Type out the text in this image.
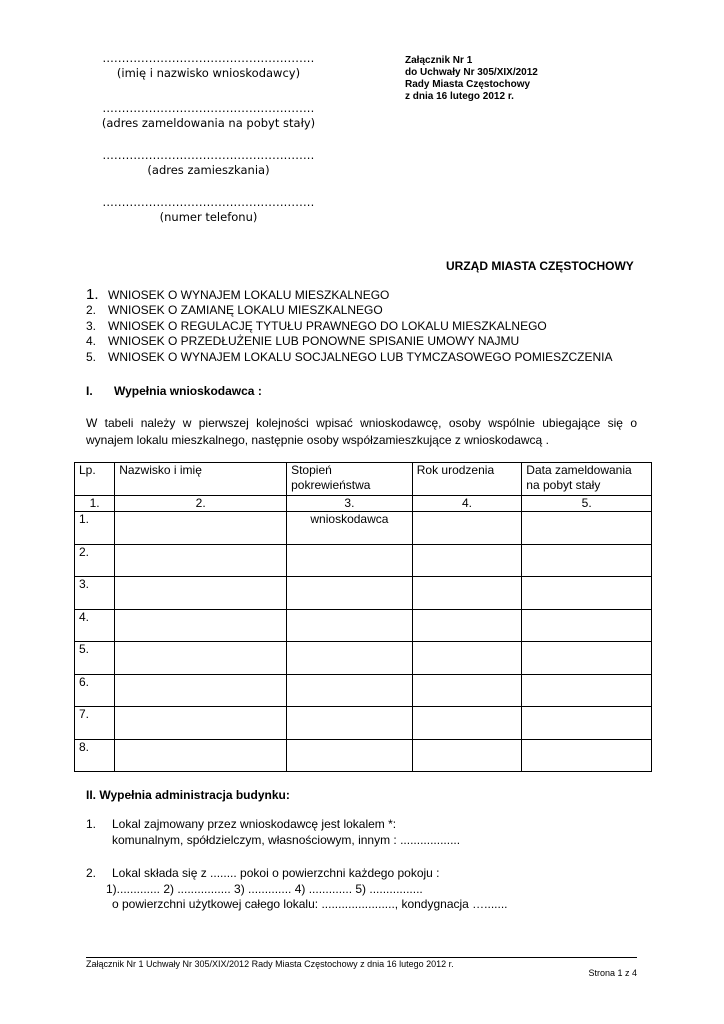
.......................................................
(imię i nazwisko wnioskodawcy)
.......................................................
(adres zameldowania na pobyt stały)
.......................................................
(adres zamieszkania)
.......................................................
(numer telefonu)
Załącznik Nr 1
do Uchwały Nr 305/XIX/2012
Rady Miasta Częstochowy
z dnia 16 lutego 2012 r.
URZĄD MIASTA CZĘSTOCHOWY
1. WNIOSEK O WYNAJEM LOKALU MIESZKALNEGO
2. WNIOSEK O ZAMIANĘ LOKALU MIESZKALNEGO
3. WNIOSEK O REGULACJĘ TYTUŁU PRAWNEGO DO LOKALU MIESZKALNEGO
4. WNIOSEK O PRZEDŁUŻENIE LUB PONOWNE SPISANIE UMOWY NAJMU
5. WNIOSEK O WYNAJEM LOKALU SOCJALNEGO LUB TYMCZASOWEGO POMIESZCZENIA
I. Wypełnia wnioskodawca :
W tabeli należy w pierwszej kolejności wpisać wnioskodawcę, osoby wspólnie ubiegające się o wynajem lokalu mieszkalnego, następnie osoby współzamieszkujące z wnioskodawcą .
Lp.	Nazwisko i imię	Stopień pokrewieństwa	Rok urodzenia	Data zameldowania na pobyt stały
1.	2.	3.	4.	5.
1.		wnioskodawca		
2.				
3.				
4.				
5.				
6.				
7.				
8.				
II. Wypełnia administracja budynku:
1. Lokal zajmowany przez wnioskodawcę jest lokalem *:
komunalnym, spółdzielczym, własnościowym, innym : ..................
2. Lokal składa się z ........ pokoi o powierzchni każdego pokoju :
1)............. 2) ................ 3) ............. 4) ............. 5) ................
o powierzchni użytkowej całego lokalu: ......................, kondygnacja ….......
Załącznik Nr 1 Uchwały Nr 305/XIX/2012 Rady Miasta Częstochowy z dnia 16 lutego 2012 r.
Strona 1 z 4
